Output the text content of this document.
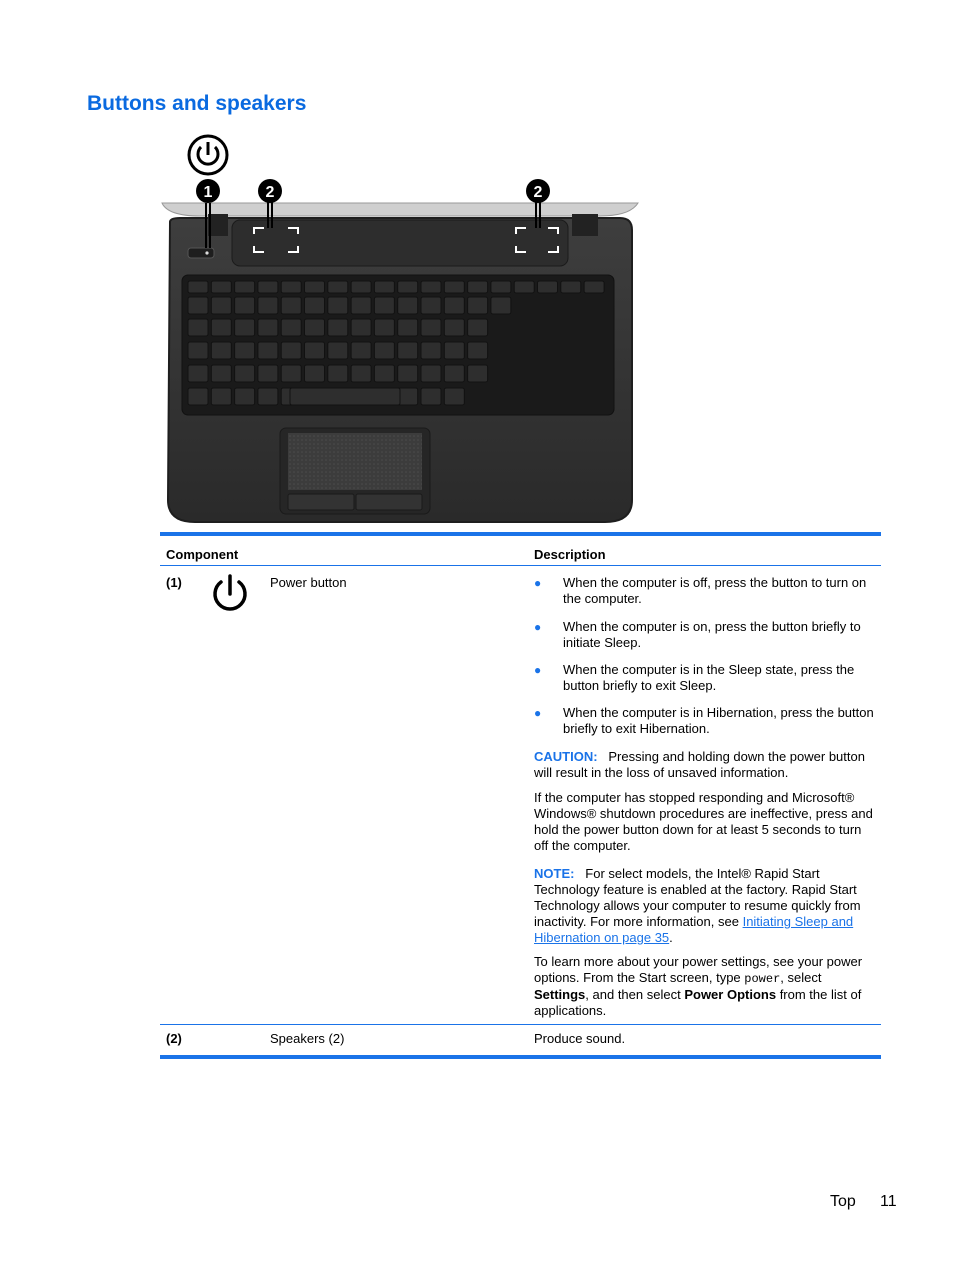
Buttons and speakers
1	2	2
Component	Description
(1)	Power button	● When the computer is off, press the button to turn on the computer.
● When the computer is on, press the button briefly to initiate Sleep.
● When the computer is in the Sleep state, press the button briefly to exit Sleep.
● When the computer is in Hibernation, press the button briefly to exit Hibernation.
CAUTION: Pressing and holding down the power button will result in the loss of unsaved information.
If the computer has stopped responding and Microsoft® Windows® shutdown procedures are ineffective, press and hold the power button down for at least 5 seconds to turn off the computer.
NOTE: For select models, the Intel® Rapid Start Technology feature is enabled at the factory. Rapid Start Technology allows your computer to resume quickly from inactivity. For more information, see Initiating Sleep and Hibernation on page 35.
To learn more about your power settings, see your power options. From the Start screen, type power, select Settings, and then select Power Options from the list of applications.
(2)	Speakers (2)	Produce sound.
Top 11
